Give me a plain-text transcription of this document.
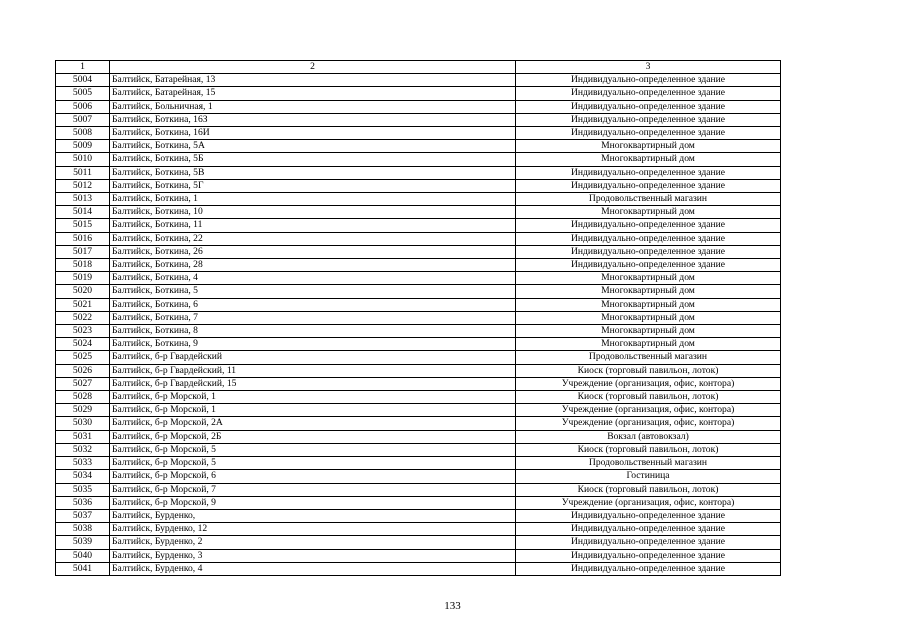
1	2	3
5004	Балтийск, Батарейная, 13	Индивидуально-определенное здание
5005	Балтийск, Батарейная, 15	Индивидуально-определенное здание
5006	Балтийск, Больничная, 1	Индивидуально-определенное здание
5007	Балтийск, Боткина, 16З	Индивидуально-определенное здание
5008	Балтийск, Боткина, 16И	Индивидуально-определенное здание
5009	Балтийск, Боткина, 5А	Многоквартирный дом
5010	Балтийск, Боткина, 5Б	Многоквартирный дом
5011	Балтийск, Боткина, 5В	Индивидуально-определенное здание
5012	Балтийск, Боткина, 5Г	Индивидуально-определенное здание
5013	Балтийск, Боткина, 1	Продовольственный магазин
5014	Балтийск, Боткина, 10	Многоквартирный дом
5015	Балтийск, Боткина, 11	Индивидуально-определенное здание
5016	Балтийск, Боткина, 22	Индивидуально-определенное здание
5017	Балтийск, Боткина, 26	Индивидуально-определенное здание
5018	Балтийск, Боткина, 28	Индивидуально-определенное здание
5019	Балтийск, Боткина, 4	Многоквартирный дом
5020	Балтийск, Боткина, 5	Многоквартирный дом
5021	Балтийск, Боткина, 6	Многоквартирный дом
5022	Балтийск, Боткина, 7	Многоквартирный дом
5023	Балтийск, Боткина, 8	Многоквартирный дом
5024	Балтийск, Боткина, 9	Многоквартирный дом
5025	Балтийск, б-р Гвардейский	Продовольственный магазин
5026	Балтийск, б-р Гвардейский, 11	Киоск (торговый павильон, лоток)
5027	Балтийск, б-р Гвардейский, 15	Учреждение (организация, офис, контора)
5028	Балтийск, б-р Морской, 1	Киоск (торговый павильон, лоток)
5029	Балтийск, б-р Морской, 1	Учреждение (организация, офис, контора)
5030	Балтийск, б-р Морской, 2А	Учреждение (организация, офис, контора)
5031	Балтийск, б-р Морской, 2Б	Вокзал (автовокзал)
5032	Балтийск, б-р Морской, 5	Киоск (торговый павильон, лоток)
5033	Балтийск, б-р Морской, 5	Продовольственный магазин
5034	Балтийск, б-р Морской, 6	Гостиница
5035	Балтийск, б-р Морской, 7	Киоск (торговый павильон, лоток)
5036	Балтийск, б-р Морской, 9	Учреждение (организация, офис, контора)
5037	Балтийск, Бурденко,	Индивидуально-определенное здание
5038	Балтийск, Бурденко, 12	Индивидуально-определенное здание
5039	Балтийск, Бурденко, 2	Индивидуально-определенное здание
5040	Балтийск, Бурденко, 3	Индивидуально-определенное здание
5041	Балтийск, Бурденко, 4	Индивидуально-определенное здание
133
